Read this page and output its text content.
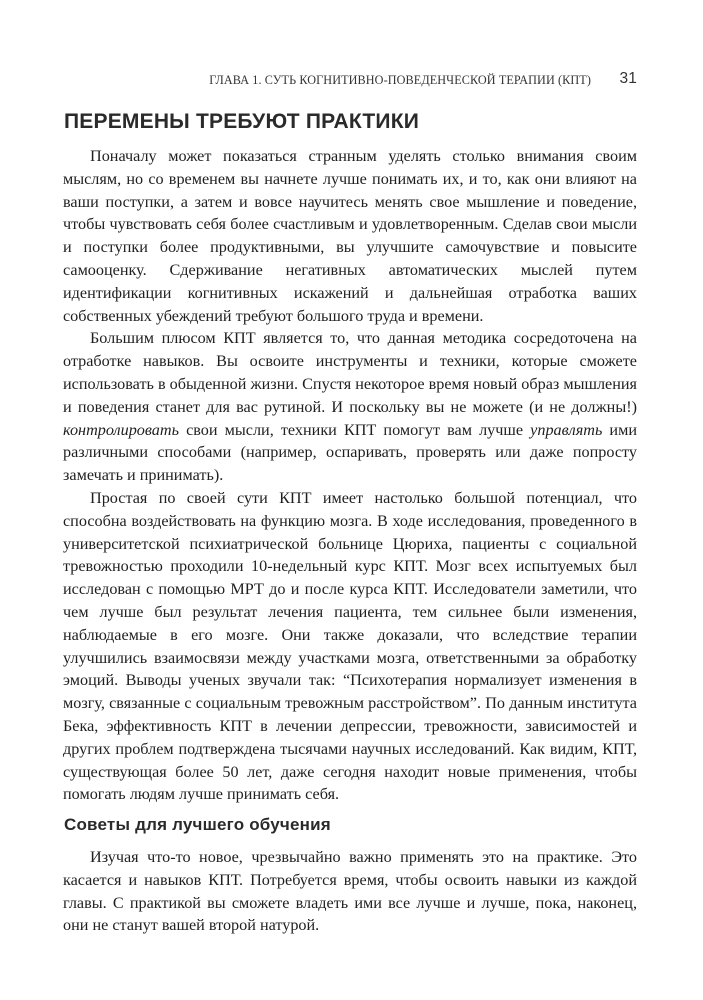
ГЛАВА 1. СУТЬ КОГНИТИВНО-ПОВЕДЕНЧЕСКОЙ ТЕРАПИИ (КПТ) 31
ПЕРЕМЕНЫ ТРЕБУЮТ ПРАКТИКИ

Поначалу может показаться странным уделять столько внимания своим мыслям, но со временем вы начнете лучше понимать их, и то, как они влияют на ваши поступки, а затем и вовсе научитесь менять свое мышление и поведение, чтобы чувствовать себя более счастливым и удовлетворенным. Сделав свои мысли и поступки более продуктивными, вы улучшите самочувствие и повысите самооценку. Сдерживание негативных автоматических мыслей путем идентификации когнитивных искажений и дальнейшая отработка ваших собственных убеждений требуют большого труда и времени.

Большим плюсом КПТ является то, что данная методика сосредоточена на отработке навыков. Вы освоите инструменты и техники, которые сможете использовать в обыденной жизни. Спустя некоторое время новый образ мышления и поведения станет для вас рутиной. И поскольку вы не можете (и не должны!) контролировать свои мысли, техники КПТ помогут вам лучше управлять ими различными способами (например, оспаривать, проверять или даже попросту замечать и принимать).

Простая по своей сути КПТ имеет настолько большой потенциал, что способна воздействовать на функцию мозга. В ходе исследования, проведенного в университетской психиатрической больнице Цюриха, пациенты с социальной тревожностью проходили 10-недельный курс КПТ. Мозг всех испытуемых был исследован с помощью МРТ до и после курса КПТ. Исследователи заметили, что чем лучше был результат лечения пациента, тем сильнее были изменения, наблюдаемые в его мозге. Они также доказали, что вследствие терапии улучшились взаимосвязи между участками мозга, ответственными за обработку эмоций. Выводы ученых звучали так: “Психотерапия нормализует изменения в мозгу, связанные с социальным тревожным расстройством”. По данным института Бека, эффективность КПТ в лечении депрессии, тревожности, зависимостей и других проблем подтверждена тысячами научных исследований. Как видим, КПТ, существующая более 50 лет, даже сегодня находит новые применения, чтобы помогать людям лучше принимать себя.

Советы для лучшего обучения

Изучая что-то новое, чрезвычайно важно применять это на практике. Это касается и навыков КПТ. Потребуется время, чтобы освоить навыки из каждой главы. С практикой вы сможете владеть ими все лучше и лучше, пока, наконец, они не станут вашей второй натурой.
